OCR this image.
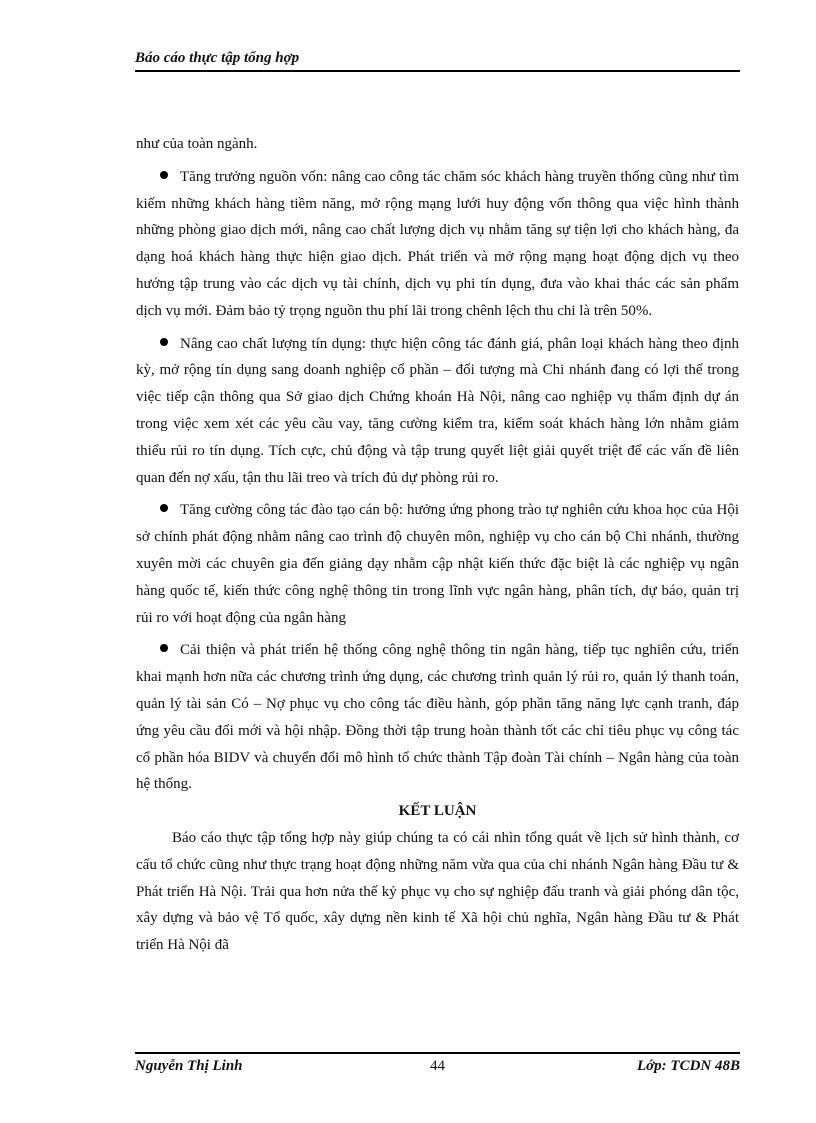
Báo cáo thực tập tổng hợp

như của toàn ngành.

Tăng trưởng nguồn vốn: nâng cao công tác chăm sóc khách hàng truyền thống cũng như tìm kiếm những khách hàng tiềm năng, mở rộng mạng lưới huy động vốn thông qua việc hình thành những phòng giao dịch mới, nâng cao chất lượng dịch vụ nhằm tăng sự tiện lợi cho khách hàng, đa dạng hoá khách hàng thực hiện giao dịch. Phát triển và mở rộng mạng hoạt động dịch vụ theo hướng tập trung vào các dịch vụ tài chính, dịch vụ phi tín dụng, đưa vào khai thác các sản phẩm dịch vụ mới. Đảm bảo tỷ trọng nguồn thu phí lãi trong chênh lệch thu chi là trên 50%.

Nâng cao chất lượng tín dụng: thực hiện công tác đánh giá, phân loại khách hàng theo định kỳ, mở rộng tín dụng sang doanh nghiệp cổ phần – đối tượng mà Chi nhánh đang có lợi thế trong việc tiếp cận thông qua Sở giao dịch Chứng khoán Hà Nội, nâng cao nghiệp vụ thẩm định dự án trong việc xem xét các yêu cầu vay, tăng cường kiểm tra, kiểm soát khách hàng lớn nhằm giảm thiểu rủi ro tín dụng. Tích cực, chủ động và tập trung quyết liệt giải quyết triệt để các vấn đề liên quan đến nợ xấu, tận thu lãi treo và trích đủ dự phòng rủi ro.

Tăng cường công tác đào tạo cán bộ: hưởng ứng phong trào tự nghiên cứu khoa học của Hội sở chính phát động nhằm nâng cao trình độ chuyên môn, nghiệp vụ cho cán bộ Chi nhánh, thường xuyên mời các chuyên gia đến giảng dạy nhằm cập nhật kiến thức đặc biệt là các nghiệp vụ ngân hàng quốc tế, kiến thức công nghệ thông tin trong lĩnh vực ngân hàng, phân tích, dự báo, quản trị rủi ro với hoạt động của ngân hàng

Cải thiện và phát triển hệ thống công nghệ thông tin ngân hàng, tiếp tục nghiên cứu, triển khai mạnh hơn nữa các chương trình ứng dụng, các chương trình quản lý rủi ro, quản lý thanh toán, quản lý tài sản Có – Nợ phục vụ cho công tác điều hành, góp phần tăng năng lực cạnh tranh, đáp ứng yêu cầu đổi mới và hội nhập. Đồng thời tập trung hoàn thành tốt các chỉ tiêu phục vụ công tác cổ phần hóa BIDV và chuyển đổi mô hình tổ chức thành Tập đoàn Tài chính – Ngân hàng của toàn hệ thống.

KẾT LUẬN

Báo cáo thực tập tổng hợp này giúp chúng ta có cái nhìn tổng quát về lịch sử hình thành, cơ cấu tổ chức cũng như thực trạng hoạt động những năm vừa qua của chi nhánh Ngân hàng Đầu tư & Phát triển Hà Nội. Trải qua hơn nửa thế kỷ phục vụ cho sự nghiệp đấu tranh và giải phóng dân tộc, xây dựng và bảo vệ Tổ quốc, xây dựng nền kinh tế Xã hội chủ nghĩa, Ngân hàng Đầu tư & Phát triển Hà Nội đã

Nguyễn Thị Linh	44	Lớp: TCDN 48B
